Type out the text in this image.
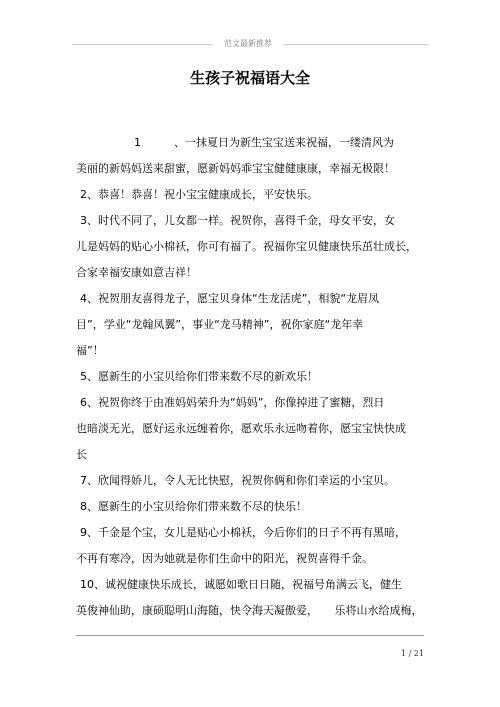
范文最新推荐
生孩子祝福语大全
1　　　、一抹夏日为新生宝宝送来祝福，一缕清风为
美丽的新妈妈送来甜蜜，愿新妈妈乖宝宝健健康康，幸福无极限！
2、恭喜！恭喜！祝小宝宝健康成长，平安快乐。
3、时代不同了，儿女都一样。祝贺你，喜得千金，母女平安，女
儿是妈妈的贴心小棉袄，你可有福了。祝福你宝贝健康快乐茁壮成长，
合家幸福安康如意吉祥！
4、祝贺朋友喜得龙子，愿宝贝身体“生龙活虎”，相貌“龙眉凤
目”，学业“龙翰凤翼”，事业“龙马精神”，祝你家庭“龙年幸
福”！
5、愿新生的小宝贝给你们带来数不尽的新欢乐！
6、祝贺你终于由准妈妈荣升为“妈妈”，你像掉进了蜜糖，烈日
也暗淡无光，愿好运永远缠着你，愿欢乐永远吻着你，愿宝宝快快成
长
7、欣闻得娇儿，令人无比快慰，祝贺你俩和你们幸运的小宝贝。
8、愿新生的小宝贝给你们带来数不尽的快乐！
9、千金是个宝，女儿是贴心小棉袄，今后你们的日子不再有黑暗，
不再有寒冷，因为她就是你们生命中的阳光，祝贺喜得千金。
10、诚祝健康快乐成长，诚愿如歌日日随，祝福号角满云飞，健生
英俊神仙助，康硕聪明山海随，快令海天凝傲爱，　　乐将山水给成梅，
1 / 21
